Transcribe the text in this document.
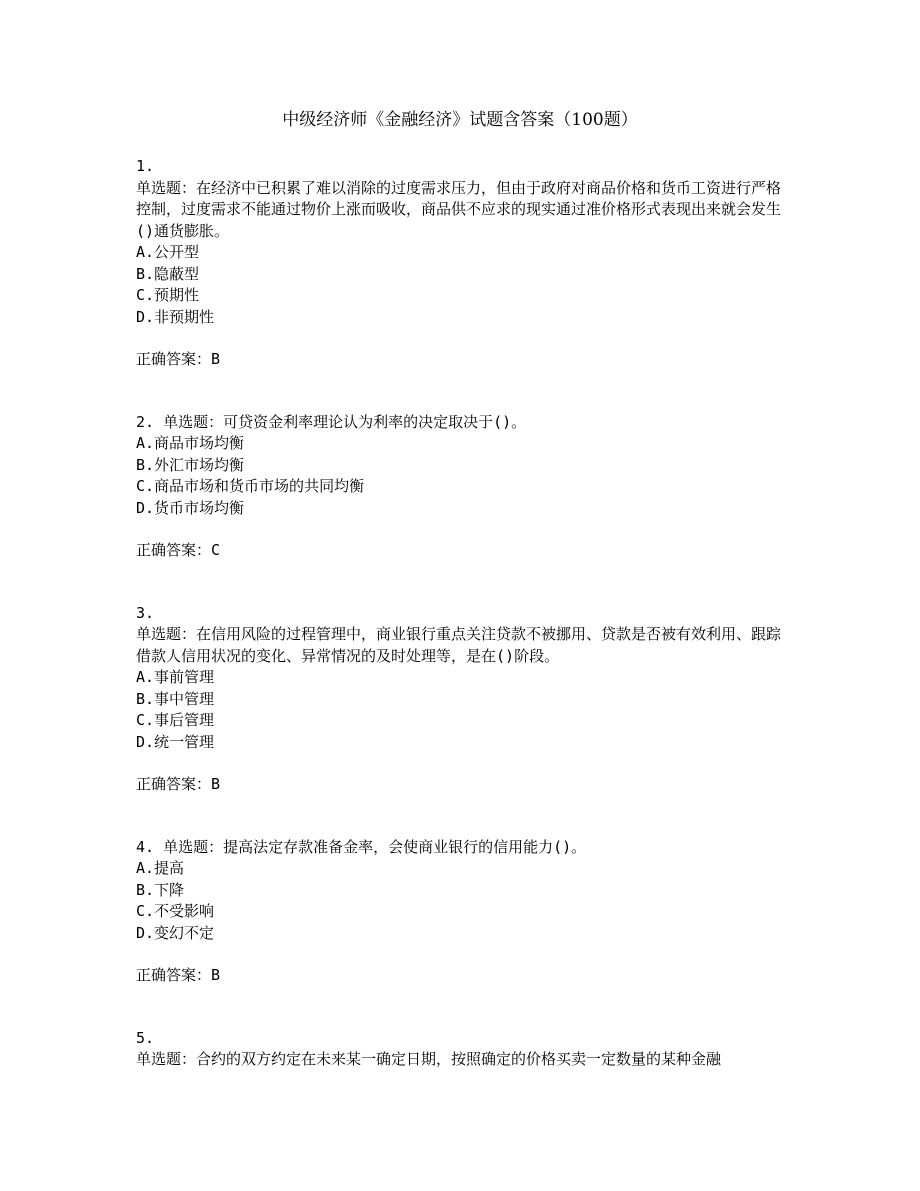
中级经济师《金融经济》试题含答案（100题）
1.
单选题：在经济中已积累了难以消除的过度需求压力，但由于政府对商品价格和货币工资进行严格控制，过度需求不能通过物价上涨而吸收，商品供不应求的现实通过准价格形式表现出来就会发生()通货膨胀。
A.公开型
B.隐蔽型
C.预期性
D.非预期性
正确答案：B
2. 单选题：可贷资金利率理论认为利率的决定取决于()。
A.商品市场均衡
B.外汇市场均衡
C.商品市场和货币市场的共同均衡
D.货币市场均衡
正确答案：C
3.
单选题：在信用风险的过程管理中，商业银行重点关注贷款不被挪用、贷款是否被有效利用、跟踪借款人信用状况的变化、异常情况的及时处理等，是在()阶段。
A.事前管理
B.事中管理
C.事后管理
D.统一管理
正确答案：B
4. 单选题：提高法定存款准备金率，会使商业银行的信用能力()。
A.提高
B.下降
C.不受影响
D.变幻不定
正确答案：B
5.
单选题：合约的双方约定在未来某一确定日期，按照确定的价格买卖一定数量的某种金融
